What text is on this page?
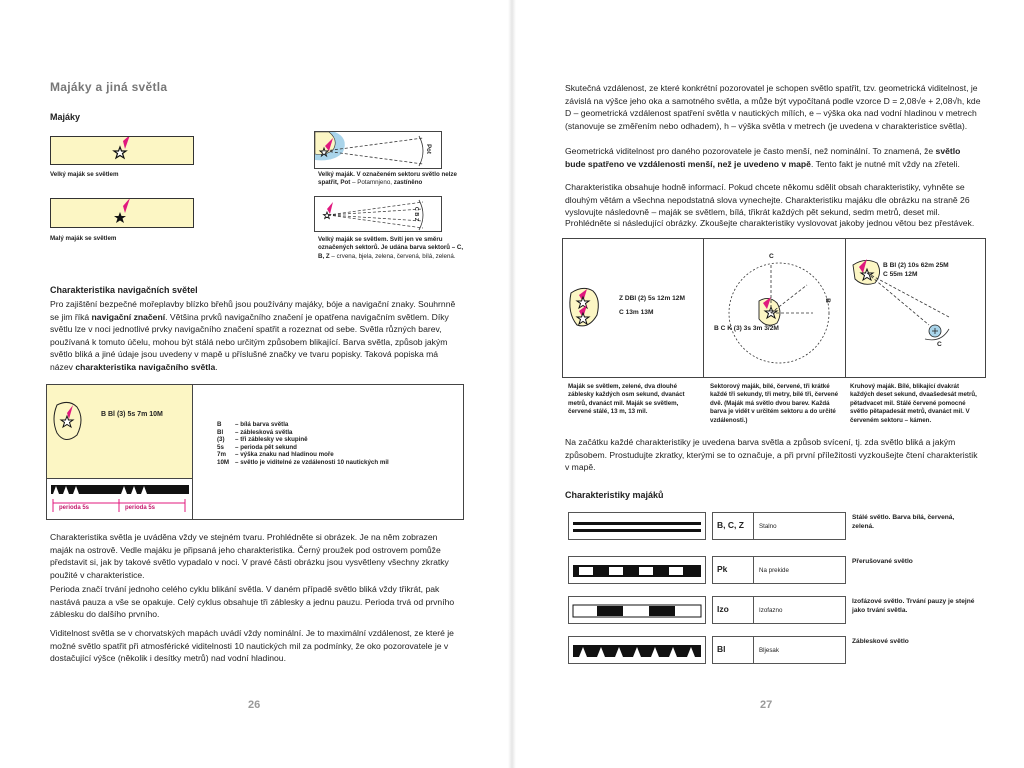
Majáky a jiná světla
Majáky
Velký maják se světlem
Malý maják se světlem
Pot
Velký maják. V označeném sektoru světlo nelze spatřit, Pot – Potamnjeno, zastíněno
C B Z
Velký maják se světlem. Svítí jen ve směru označených sektorů. Je udána barva sektorů – C, B, Z – crvena, bjela, zelena, červená, bílá, zelená.
Charakteristika navigačních světel
Pro zajištění bezpečné mořeplavby blízko břehů jsou používány majáky, bóje a navigační znaky. Souhrnně se jim říká navigační značení. Většina prvků navigačního značení je opatřena navigačním světlem. Díky světlu lze v noci jednotlivé prvky navigačního značení spatřit a rozeznat od sebe. Světla různých barev, používaná k tomuto účelu, mohou být stálá nebo určitým způsobem blikající. Barva světla, způsob jakým světlo bliká a jiné údaje jsou uvedeny v mapě u příslušné značky ve tvaru popisky. Taková popiska má název charakteristika navigačního světla.
B Bl (3) 5s 7m 10M
perioda 5s	perioda 5s
B	– bílá barva světla
Bl	– záblesková světla
(3)	– tři záblesky ve skupině
5s	– perioda pět sekund
7m	– výška znaku nad hladinou moře
10M	– světlo je viditelné ze vzdálenosti 10 nautických mil
Charakteristika světla je uváděna vždy ve stejném tvaru. Prohlédněte si obrázek. Je na něm zobrazen maják na ostrově. Vedle majáku je připsaná jeho charakteristika. Černý proužek pod ostrovem pomůže představit si, jak by takové světlo vypadalo v noci. V pravé části obrázku jsou vysvětleny všechny zkratky použité v charakteristice.
Perioda značí trvání jednoho celého cyklu blikání světla. V daném případě světlo bliká vždy třikrát, pak nastává pauza a vše se opakuje. Celý cyklus obsahuje tři záblesky a jednu pauzu. Perioda trvá od prvního záblesku do dalšího prvního.
Viditelnost světla se v chorvatských mapách uvádí vždy nominální. Je to maximální vzdálenost, ze které je možné světlo spatřit při atmosférické viditelnosti 10 nautických mil za podmínky, že oko pozorovatele je v dostačující výšce (několik i desítky metrů) nad vodní hladinou.
26
Skutečná vzdálenost, ze které konkrétní pozorovatel je schopen světlo spatřit, tzv. geometrická viditelnost, je závislá na výšce jeho oka a samotného světla, a může být vypočítaná podle vzorce D = 2,08√e + 2,08√h, kde D – geometrická vzdálenost spatření světla v nautických mílích, e – výška oka nad vodní hladinou v metrech (stanovuje se změřením nebo odhadem), h – výška světla v metrech (je uvedena v charakteristice světla).
Geometrická viditelnost pro daného pozorovatele je často menší, než nominální. To znamená, že světlo bude spatřeno ve vzdálenosti menší, než je uvedeno v mapě. Tento fakt je nutné mít vždy na zřeteli.
Charakteristika obsahuje hodně informací. Pokud chcete někomu sdělit obsah charakteristiky, vyhněte se dlouhým větám a všechna nepodstatná slova vynechejte. Charakteristiku majáku dle obrázku na straně 26 vyslovujte následovně – maják se světlem, bílá, třikrát každých pět sekund, sedm metrů, deset mil.
Prohlédněte si následující obrázky. Zkoušejte charakteristiky vyslovovat jakoby jednou větou bez přestávek.
Z DBl (2) 5s 12m 12M
C 13m 13M
B C K (3) 3s 3m 3/2M
C
B
B Bl (2) 10s 62m 25M
C 55m 12M
C
Maják se světlem, zelené, dva dlouhé záblesky každých osm sekund, dvanáct metrů, dvanáct mil. Maják se světlem, červené stálé, 13 m, 13 mil.
Sektorový maják, bílé, červené, tři krátké každé tři sekundy, tři metry, bílé tři, červené dvě. (Maják má světlo dvou barev. Každá barva je vidět v určitém sektoru a do určité vzdálenosti.)
Kruhový maják. Bílé, blikající dvakrát každých deset sekund, dvaašedesát metrů, pětadvacet mil. Stálé červené pomocné světlo pětapadesát metrů, dvanáct mil. V červeném sektoru – kámen.
Na začátku každé charakteristiky je uvedena barva světla a způsob svícení, tj. zda světlo bliká a jakým způsobem. Prostudujte zkratky, kterými se to označuje, a při první příležitosti vyzkoušejte čtení charakteristik v mapě.
Charakteristiky majáků
B, C, Z Stalno
Stálé světlo. Barva bílá, červená, zelená.
Pk	Na prekide
Přerušované světlo
Izo	Izofazno
Izofázové světlo. Trvání pauzy je stejné jako trvání světla.
Bl	Bljesak
Zábleskové světlo
27
